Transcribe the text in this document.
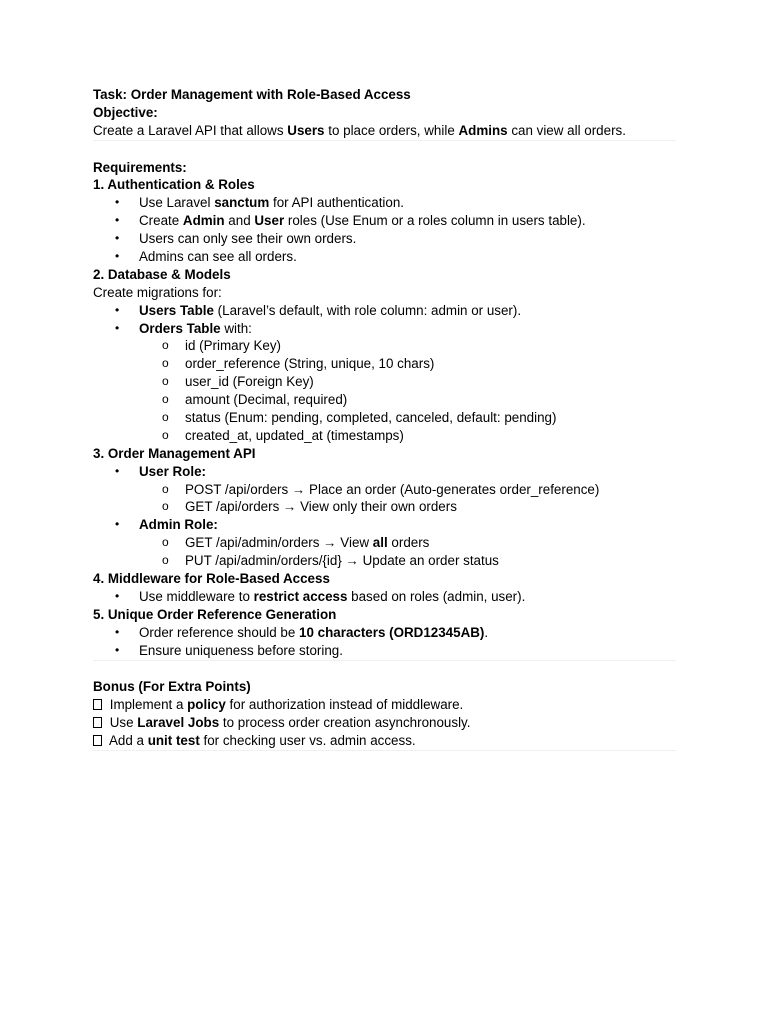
Task: Order Management with Role-Based Access
Objective:
Create a Laravel API that allows Users to place orders, while Admins can view all orders.
Requirements:
1. Authentication & Roles
• Use Laravel sanctum for API authentication.
• Create Admin and User roles (Use Enum or a roles column in users table).
• Users can only see their own orders.
• Admins can see all orders.
2. Database & Models
Create migrations for:
• Users Table (Laravel’s default, with role column: admin or user).
• Orders Table with:
o id (Primary Key)
o order_reference (String, unique, 10 chars)
o user_id (Foreign Key)
o amount (Decimal, required)
o status (Enum: pending, completed, canceled, default: pending)
o created_at, updated_at (timestamps)
3. Order Management API
• User Role:
o POST /api/orders → Place an order (Auto-generates order_reference)
o GET /api/orders → View only their own orders
• Admin Role:
o GET /api/admin/orders → View all orders
o PUT /api/admin/orders/{id} → Update an order status
4. Middleware for Role-Based Access
• Use middleware to restrict access based on roles (admin, user).
5. Unique Order Reference Generation
• Order reference should be 10 characters (ORD12345AB).
• Ensure uniqueness before storing.
Bonus (For Extra Points)
Implement a policy for authorization instead of middleware.
Use Laravel Jobs to process order creation asynchronously.
Add a unit test for checking user vs. admin access.
